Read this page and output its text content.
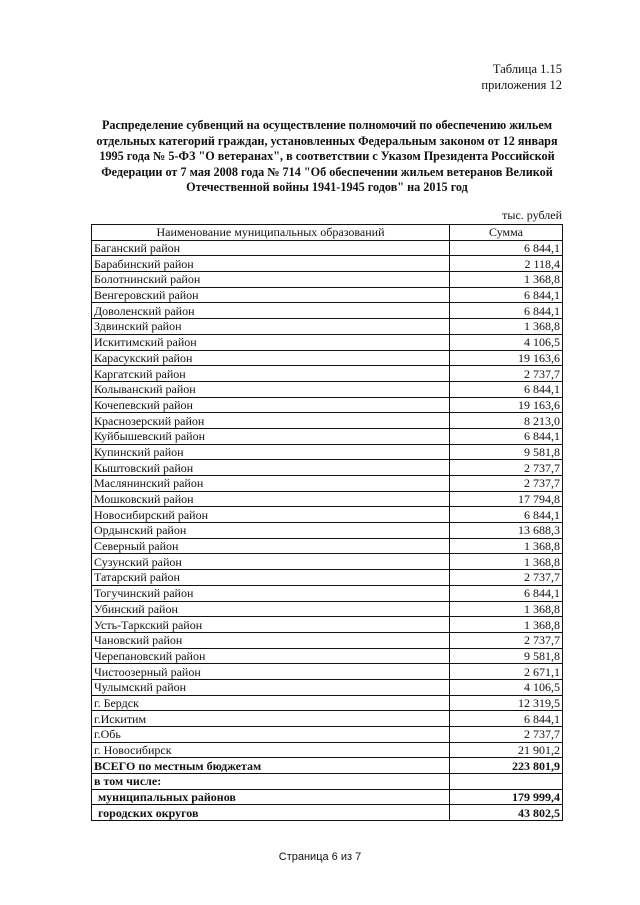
Таблица 1.15
приложения 12
Распределение субвенций на осуществление полномочий по обеспечению жильем отдельных категорий граждан, установленных Федеральным законом от 12 января 1995 года № 5-ФЗ "О ветеранах", в соответствии с Указом Президента Российской Федерации от 7 мая 2008 года № 714 "Об обеспечении жильем ветеранов Великой Отечественной войны 1941-1945 годов" на 2015 год
тыс. рублей
Наименование муниципальных образований	Сумма
Баганский район	6 844,1
Барабинский район	2 118,4
Болотнинский район	1 368,8
Венгеровский район	6 844,1
Доволенский район	6 844,1
Здвинский район	1 368,8
Искитимский район	4 106,5
Карасукский район	19 163,6
Каргатский район	2 737,7
Колыванский район	6 844,1
Кочепевский район	19 163,6
Краснозерский район	8 213,0
Куйбышевский район	6 844,1
Купинский район	9 581,8
Кыштовский район	2 737,7
Маслянинский район	2 737,7
Мошковский район	17 794,8
Новосибирский район	6 844,1
Ордынский район	13 688,3
Северный район	1 368,8
Сузунский район	1 368,8
Татарский район	2 737,7
Тогучинский район	6 844,1
Убинский район	1 368,8
Усть-Таркский район	1 368,8
Чановский район	2 737,7
Черепановский район	9 581,8
Чистоозерный район	2 671,1
Чулымский район	4 106,5
г. Бердск	12 319,5
г.Искитим	6 844,1
г.Обь	2 737,7
г. Новосибирск	21 901,2
ВСЕГО по местным бюджетам	223 801,9
в том числе:	
муниципальных районов	179 999,4
городских округов	43 802,5
Страница 6 из 7
